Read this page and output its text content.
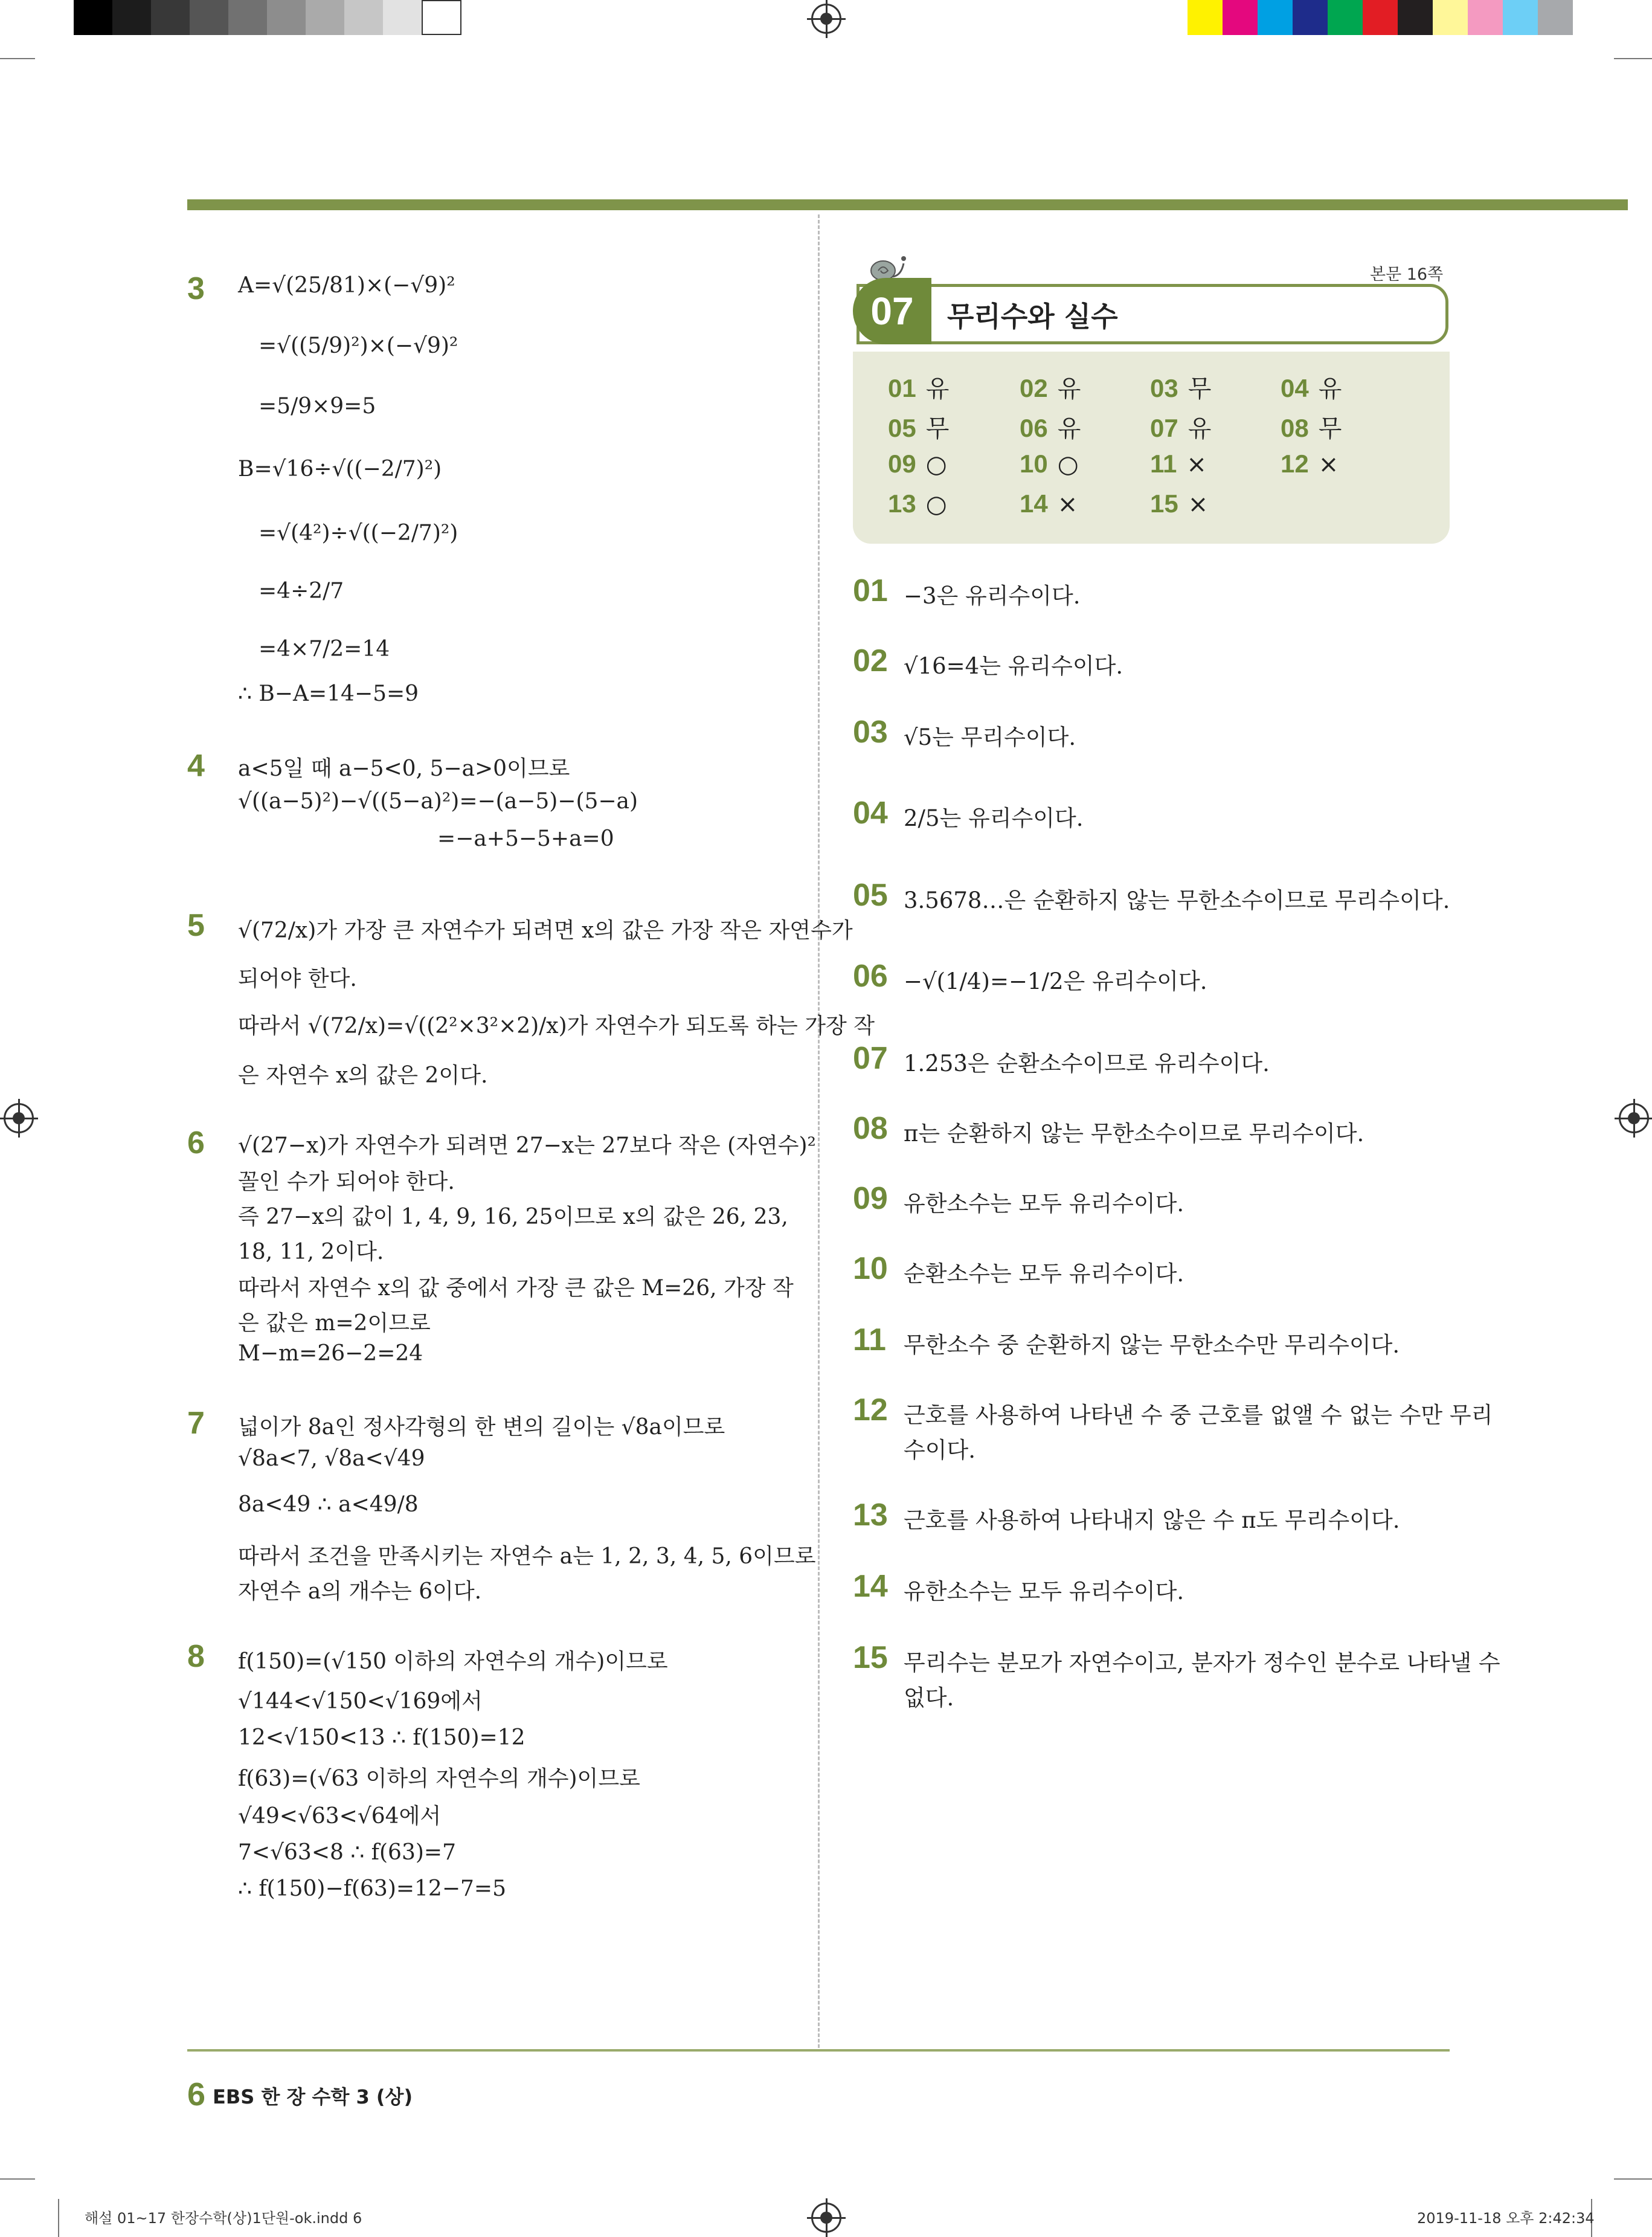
3 A=√(25/81)×(−√9)²
=√((5/9)²)×(−√9)²
=5/9×9=5
B=√16÷√((−2/7)²)
=√(4²)÷√((−2/7)²)
=4÷2/7
=4×7/2=14
∴ B−A=14−5=9
4 a<5일 때 a−5<0, 5−a>0이므로
√((a−5)²)−√((5−a)²)=−(a−5)−(5−a)
=−a+5−5+a=0
5 √(72/x)가 가장 큰 자연수가 되려면 x의 값은 가장 작은 자연수가
되어야 한다.
따라서 √(72/x)=√((2²×3²×2)/x)가 자연수가 되도록 하는 가장 작
은 자연수 x의 값은 2이다.
6 √(27−x)가 자연수가 되려면 27−x는 27보다 작은 (자연수)²
꼴인 수가 되어야 한다.
즉 27−x의 값이 1, 4, 9, 16, 25이므로 x의 값은 26, 23,
18, 11, 2이다.
따라서 자연수 x의 값 중에서 가장 큰 값은 M=26, 가장 작
은 값은 m=2이므로
M−m=26−2=24
7 넓이가 8a인 정사각형의 한 변의 길이는 √8a이므로
√8a<7, √8a<√49
8a<49 ∴ a<49/8
따라서 조건을 만족시키는 자연수 a는 1, 2, 3, 4, 5, 6이므로
자연수 a의 개수는 6이다.
8 f(150)=(√150 이하의 자연수의 개수)이므로
√144<√150<√169에서
12<√150<13 ∴ f(150)=12
f(63)=(√63 이하의 자연수의 개수)이므로
√49<√63<√64에서
7<√63<8 ∴ f(63)=7
∴ f(150)−f(63)=12−7=5
본문 16쪽
07	무리수와 실수
01 유	02 유	03 무	04 유
05 무	06 유	07 유	08 무
09 ○	10 ○	11 ×	12 ×
13 ○	14 ×	15 ×
01 −3은 유리수이다.
02 √16=4는 유리수이다.
03 √5는 무리수이다.
04 2/5는 유리수이다.
05 3.5678…은 순환하지 않는 무한소수이므로 무리수이다.
06 −√(1/4)=−1/2은 유리수이다.
07 1.2̇53̇은 순환소수이므로 유리수이다.
08 π는 순환하지 않는 무한소수이므로 무리수이다.
09 유한소수는 모두 유리수이다.
10 순환소수는 모두 유리수이다.
11 무한소수 중 순환하지 않는 무한소수만 무리수이다.
12 근호를 사용하여 나타낸 수 중 근호를 없앨 수 없는 수만 무리
수이다.
13 근호를 사용하여 나타내지 않은 수 π도 무리수이다.
14 유한소수는 모두 유리수이다.
15 무리수는 분모가 자연수이고, 분자가 정수인 분수로 나타낼 수
없다.
6 EBS 한 장 수학 3 (상)
해설 01~17 한장수학(상)1단원-ok.indd 6	2019-11-18 오후 2:42:34
